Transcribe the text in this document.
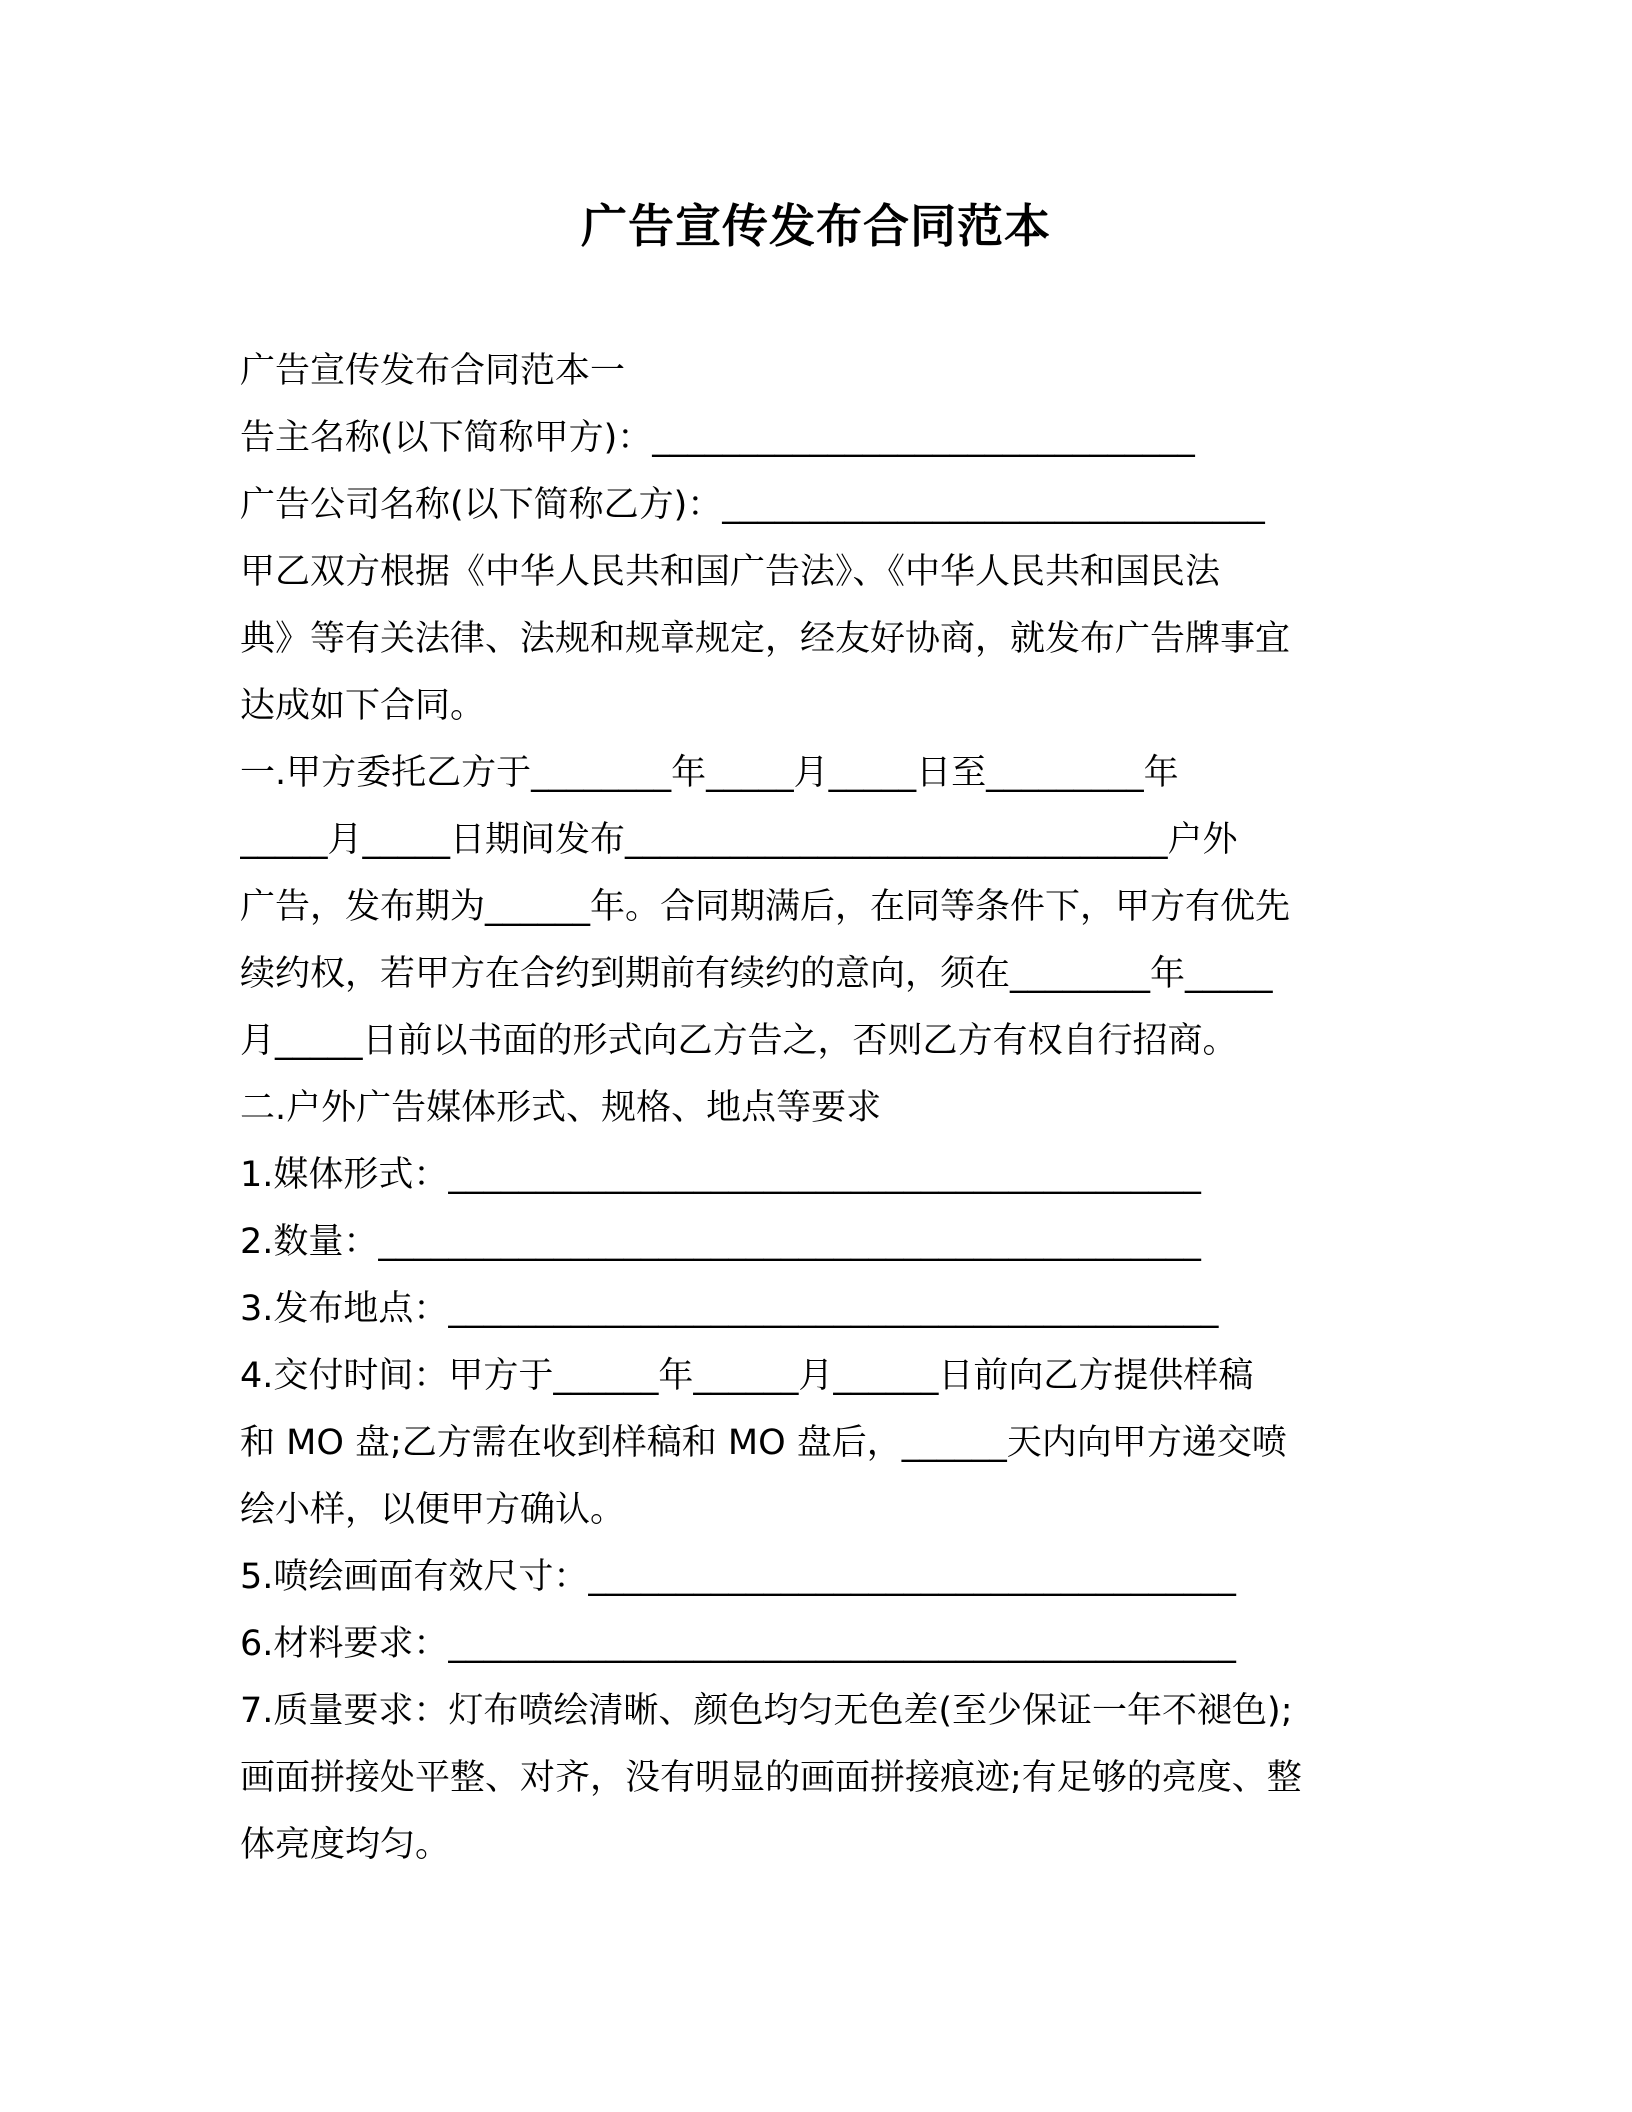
广告宣传发布合同范本
广告宣传发布合同范本一
告主名称(以下简称甲方)：_______________________________
广告公司名称(以下简称乙方)：_______________________________
甲乙双方根据《中华人民共和国广告法》、《中华人民共和国民法
典》等有关法律、法规和规章规定，经友好协商，就发布广告牌事宜
达成如下合同。
一.甲方委托乙方于________年_____月_____日至_________年
_____月_____日期间发布_______________________________户外
广告，发布期为______年。合同期满后，在同等条件下，甲方有优先
续约权，若甲方在合约到期前有续约的意向，须在________年_____
月_____日前以书面的形式向乙方告之，否则乙方有权自行招商。
二.户外广告媒体形式、规格、地点等要求
1.媒体形式：___________________________________________
2.数量：_______________________________________________
3.发布地点：____________________________________________
4.交付时间：甲方于______年______月______日前向乙方提供样稿
和 MO 盘;乙方需在收到样稿和 MO 盘后，______天内向甲方递交喷
绘小样，以便甲方确认。
5.喷绘画面有效尺寸：_____________________________________
6.材料要求：_____________________________________________
7.质量要求：灯布喷绘清晰、颜色均匀无色差(至少保证一年不褪色);
画面拼接处平整、对齐，没有明显的画面拼接痕迹;有足够的亮度、整
体亮度均匀。
